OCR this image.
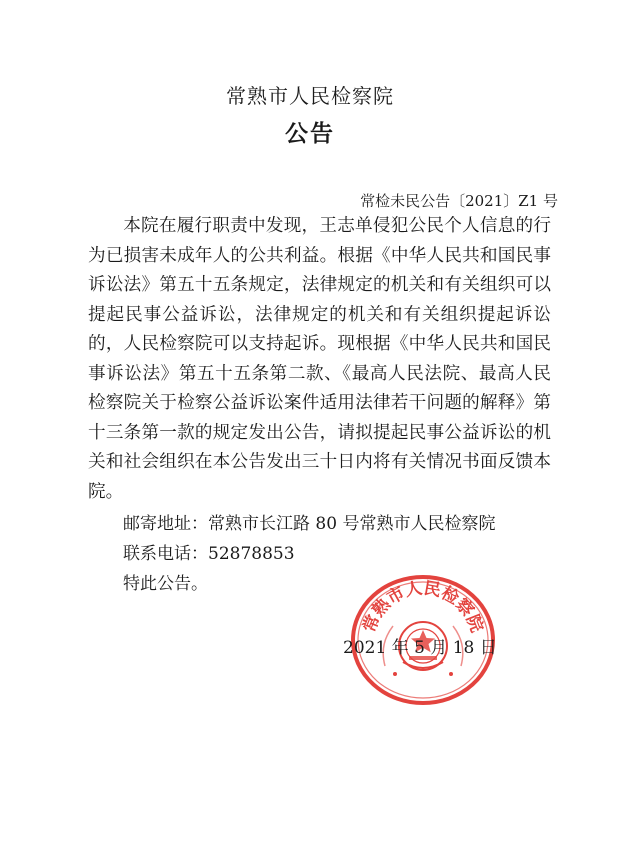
常熟市人民检察院
公告
常检未民公告〔2021〕Z1 号

本院在履行职责中发现，王志单侵犯公民个人信息的行为已损害未成年人的公共利益。根据《中华人民共和国民事诉讼法》第五十五条规定，法律规定的机关和有关组织可以提起民事公益诉讼，法律规定的机关和有关组织提起诉讼的，人民检察院可以支持起诉。现根据《中华人民共和国民事诉讼法》第五十五条第二款、《最高人民法院、最高人民检察院关于检察公益诉讼案件适用法律若干问题的解释》第十三条第一款的规定发出公告，请拟提起民事公益诉讼的机关和社会组织在本公告发出三十日内将有关情况书面反馈本院。

邮寄地址：常熟市长江路 80 号常熟市人民检察院
联系电话：52878853
特此公告。
常熟市人民检察院
2021 年 5 月 18 日
